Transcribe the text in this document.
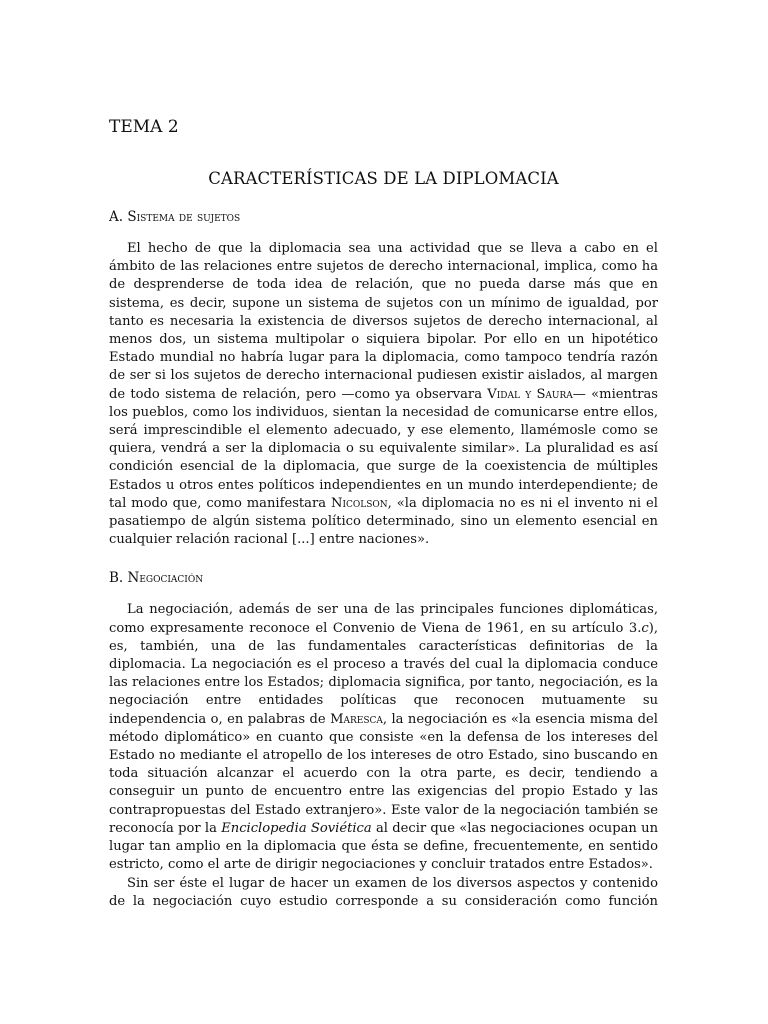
TEMA 2
CARACTERÍSTICAS DE LA DIPLOMACIA
A. Sistema de sujetos

El hecho de que la diplomacia sea una actividad que se lleva a cabo en el ámbito de las relaciones entre sujetos de derecho internacional, implica, como ha de desprenderse de toda idea de relación, que no pueda darse más que en sistema, es decir, supone un sistema de sujetos con un mínimo de igualdad, por tanto es necesaria la existencia de diversos sujetos de derecho internacional, al menos dos, un sistema multipolar o siquiera bipolar. Por ello en un hipotético Estado mundial no habría lugar para la diplomacia, como tampoco tendría razón de ser si los sujetos de derecho internacional pudiesen existir aislados, al margen de todo sistema de relación, pero —como ya observara Vidal y Saura— «mientras los pueblos, como los individuos, sientan la necesidad de comunicarse entre ellos, será imprescindible el elemento adecuado, y ese elemento, llamémosle como se quiera, vendrá a ser la diplomacia o su equivalente similar». La pluralidad es así condición esencial de la diplomacia, que surge de la coexistencia de múltiples Estados u otros entes políticos independientes en un mundo interdependiente; de tal modo que, como manifestara Nicolson, «la diplomacia no es ni el invento ni el pasatiempo de algún sistema político determinado, sino un elemento esencial en cualquier relación racional [...] entre naciones».

B. Negociación

La negociación, además de ser una de las principales funciones diplomáticas, como expresamente reconoce el Convenio de Viena de 1961, en su artículo 3.c), es, también, una de las fundamentales características definitorias de la diplomacia. La negociación es el proceso a través del cual la diplomacia conduce las relaciones entre los Estados; diplomacia significa, por tanto, negociación, es la negociación entre entidades políticas que reconocen mutuamente su independencia o, en palabras de Maresca, la negociación es «la esencia misma del método diplomático» en cuanto que consiste «en la defensa de los intereses del Estado no mediante el atropello de los intereses de otro Estado, sino buscando en toda situación alcanzar el acuerdo con la otra parte, es decir, tendiendo a conseguir un punto de encuentro entre las exigencias del propio Estado y las contrapropuestas del Estado extranjero». Este valor de la negociación también se reconocía por la Enciclopedia Soviética al decir que «las negociaciones ocupan un lugar tan amplio en la diplomacia que ésta se define, frecuentemente, en sentido estricto, como el arte de dirigir negociaciones y concluir tratados entre Estados».

Sin ser éste el lugar de hacer un examen de los diversos aspectos y contenido de la negociación cuyo estudio corresponde a su consideración como función
